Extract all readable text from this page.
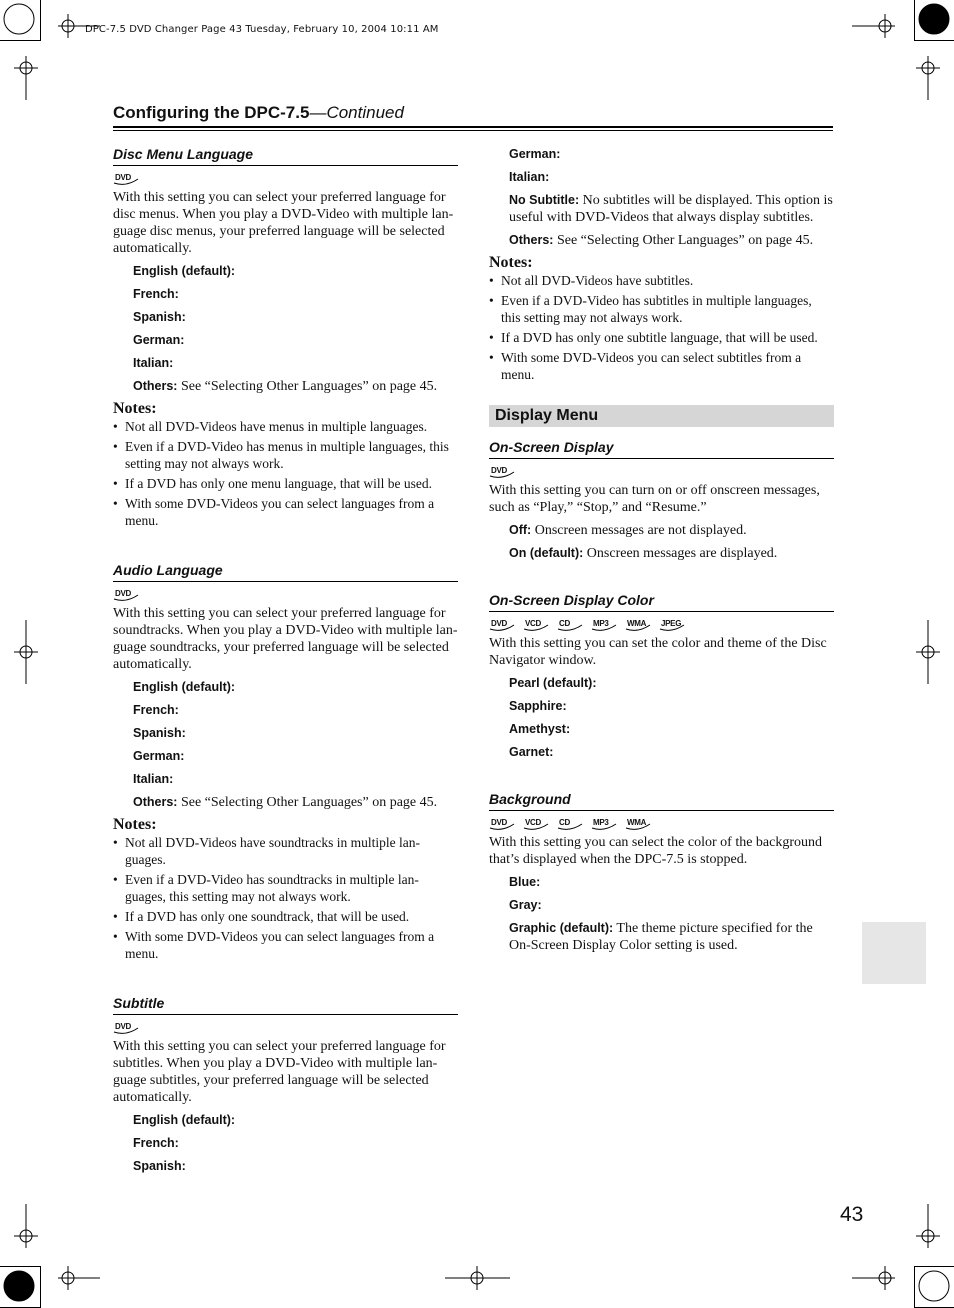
DPC-7.5 DVD Changer Page 43 Tuesday, February 10, 2004 10:11 AM
Configuring the DPC-7.5—Continued
Disc Menu Language
DVD

With this setting you can select your preferred language for disc menus. When you play a DVD-Video with multiple lan-guage disc menus, your preferred language will be selected automatically.

English (default):
French:
Spanish:
German:
Italian:
Others: See “Selecting Other Languages” on page 45.
Notes:
• Not all DVD-Videos have menus in multiple languages.
• Even if a DVD-Video has menus in multiple languages, this setting may not always work.
• If a DVD has only one menu language, that will be used.
• With some DVD-Videos you can select languages from a menu.
Audio Language
DVD

With this setting you can select your preferred language for soundtracks. When you play a DVD-Video with multiple lan-guage soundtracks, your preferred language will be selected automatically.

English (default):
French:
Spanish:
German:
Italian:
Others: See “Selecting Other Languages” on page 45.
Notes:
• Not all DVD-Videos have soundtracks in multiple lan-guages.
• Even if a DVD-Video has soundtracks in multiple lan-guages, this setting may not always work.
• If a DVD has only one soundtrack, that will be used.
• With some DVD-Videos you can select languages from a menu.
Subtitle
DVD

With this setting you can select your preferred language for subtitles. When you play a DVD-Video with multiple lan-guage subtitles, your preferred language will be selected automatically.

English (default):
French:
Spanish:
German:
Italian:
No Subtitle: No subtitles will be displayed. This option is useful with DVD-Videos that always display subtitles.
Others: See “Selecting Other Languages” on page 45.
Notes:
• Not all DVD-Videos have subtitles.
• Even if a DVD-Video has subtitles in multiple languages, this setting may not always work.
• If a DVD has only one subtitle language, that will be used.
• With some DVD-Videos you can select subtitles from a menu.
Display Menu
On-Screen Display
DVD

With this setting you can turn on or off onscreen messages, such as “Play,” “Stop,” and “Resume.”

Off: Onscreen messages are not displayed.
On (default): Onscreen messages are displayed.
On-Screen Display Color
DVD VCD CD	MP3 WMA JPEG

With this setting you can set the color and theme of the Disc Navigator window.

Pearl (default):
Sapphire:
Amethyst:
Garnet:
Background
DVD VCD CD	MP3 WMA

With this setting you can select the color of the background that’s displayed when the DPC-7.5 is stopped.

Blue:
Gray:
Graphic (default): The theme picture specified for the On-Screen Display Color setting is used.
43
